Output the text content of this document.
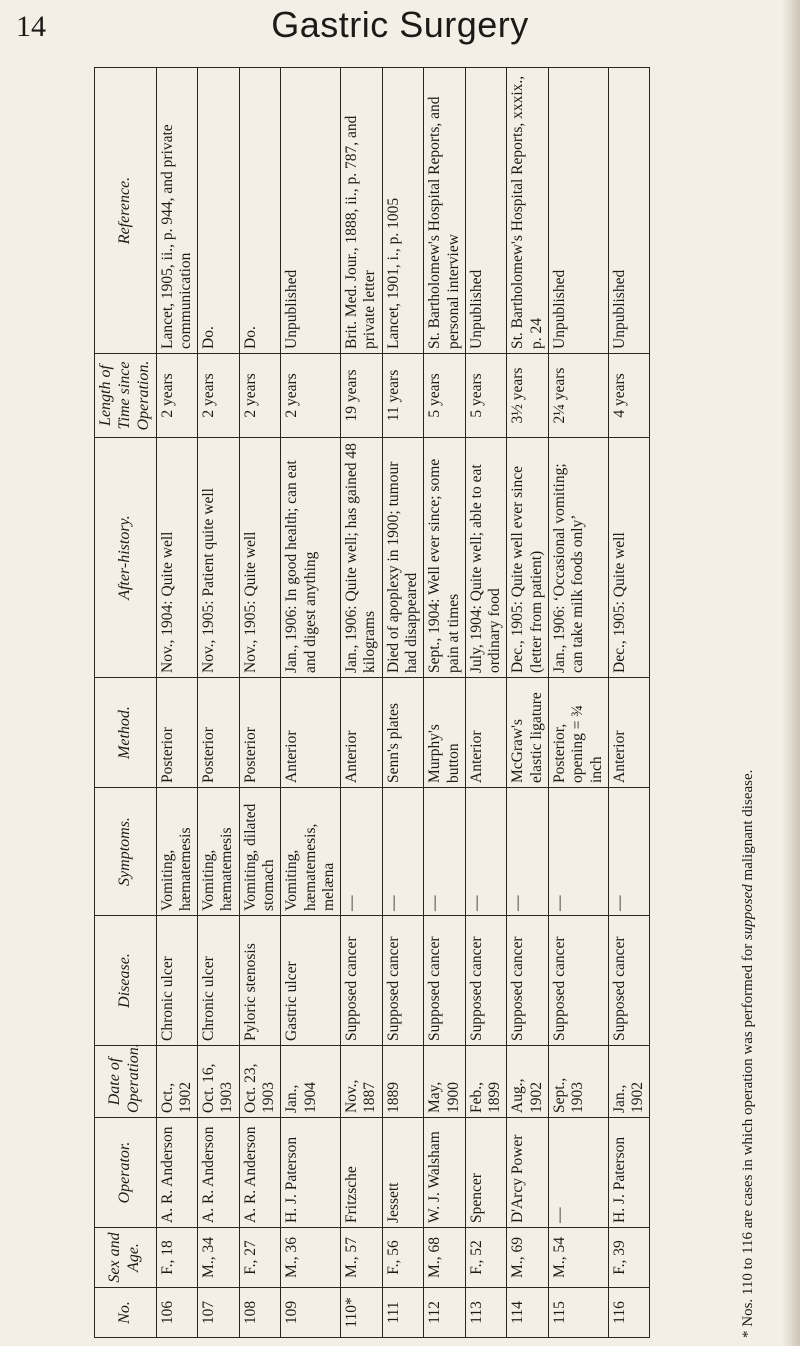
14	Gastric Surgery
No.	Sex and Age.	Operator.	Date of Operation.	Disease.	Symptoms.	Method.	After-history.	Length of Time since Operation.	Reference.
106	F., 18	A. R. Anderson	Oct., 1902	Chronic ulcer	Vomiting, hæmatemesis	Posterior	Nov., 1904: Quite well	2 years	Lancet, 1905, ii., p. 944, and private communication
107	M., 34	A. R. Anderson	Oct. 16, 1903	Chronic ulcer	Vomiting, hæmatemesis	Posterior	Nov., 1905: Patient quite well	2 years	Do.
108	F., 27	A. R. Anderson	Oct. 23, 1903	Pyloric stenosis	Vomiting, dilated stomach	Posterior	Nov., 1905: Quite well	2 years	Do.
109	M., 36	H. J. Paterson	Jan., 1904	Gastric ulcer	Vomiting, hæmatemesis, melæna	Anterior	Jan., 1906: In good health; can eat and digest anything	2 years	Unpublished
110*	M., 57	Fritzsche	Nov., 1887	Supposed cancer	—	Anterior	Jan., 1906: Quite well; has gained 48 kilograms	19 years	Brit. Med. Jour., 1888, ii., p. 787, and private letter
111	F., 56	Jessett	1889	Supposed cancer	—	Senn's plates	Died of apoplexy in 1900; tumour had disappeared	11 years	Lancet, 1901, i., p. 1005
112	M., 68	W. J. Walsham	May, 1900	Supposed cancer	—	Murphy's button	Sept., 1904: Well ever since; some pain at times	5 years	St. Bartholomew's Hospital Reports, and personal interview
113	F., 52	Spencer	Feb., 1899	Supposed cancer	—	Anterior	July, 1904: Quite well; able to eat ordinary food	5 years	Unpublished
114	M., 69	D'Arcy Power	Aug., 1902	Supposed cancer	—	McGraw's elastic ligature	Dec., 1905: Quite well ever since (letter from patient)	3½ years	St. Bartholomew's Hospital Reports, xxxix., p. 24
115	M., 54	—	Sept., 1903	Supposed cancer	—	Posterior, opening = ¾ inch	Jan., 1906: ‘Occasional vomiting; can take milk foods only’	2¼ years	Unpublished
116	F., 39	H. J. Paterson	Jan., 1902	Supposed cancer	—	Anterior	Dec., 1905: Quite well	4 years	Unpublished
* Nos. 110 to 116 are cases in which operation was performed for supposed malignant disease.
